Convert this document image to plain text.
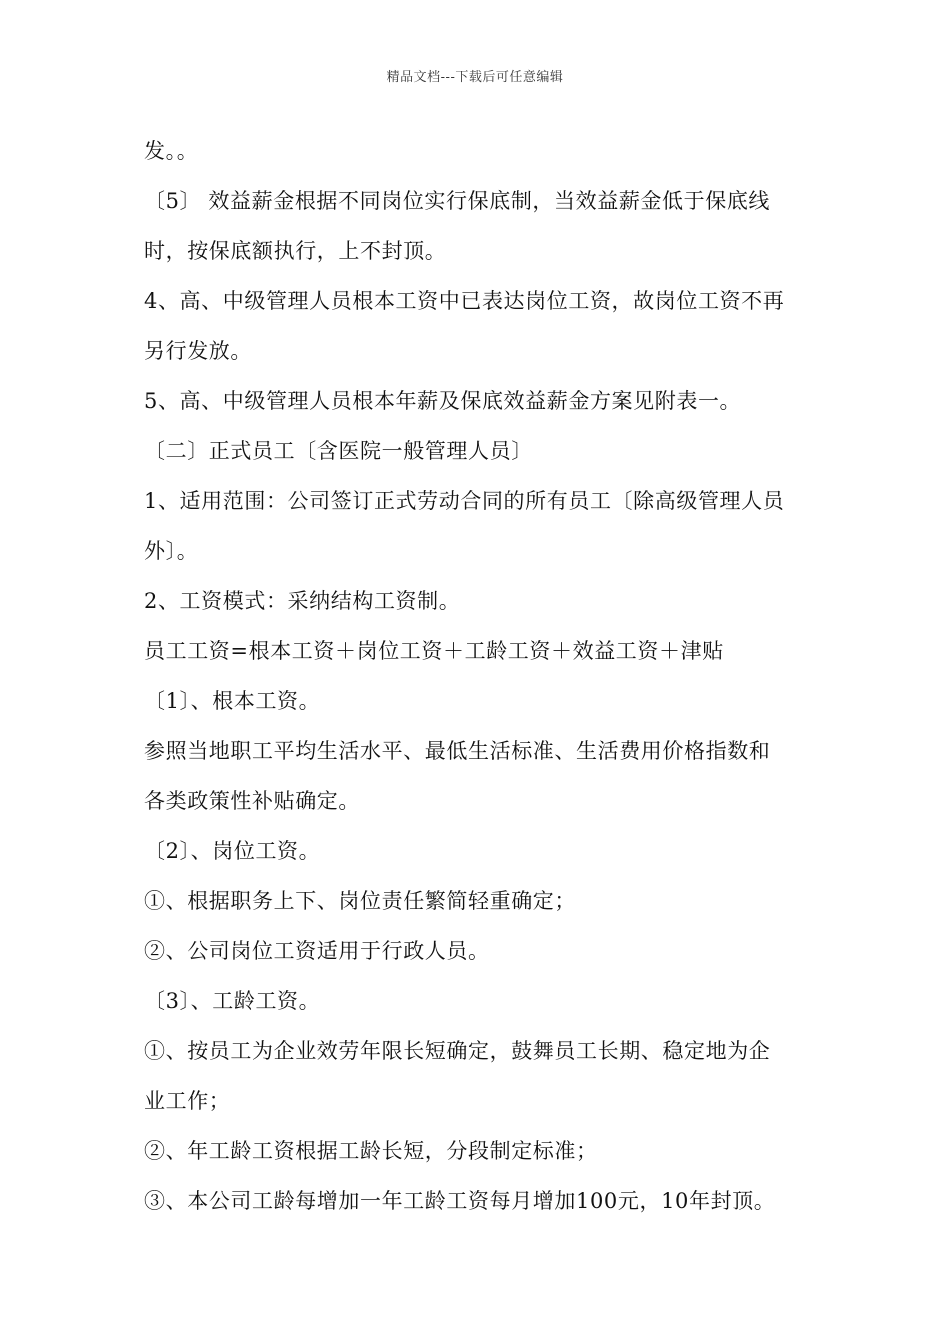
精品文档---下载后可任意编辑
发。。
〔5〕 效益薪金根据不同岗位实行保底制，当效益薪金低于保底线
时，按保底额执行，上不封顶。
4、高、中级管理人员根本工资中已表达岗位工资，故岗位工资不再
另行发放。
5、高、中级管理人员根本年薪及保底效益薪金方案见附表一。
〔二〕正式员工〔含医院一般管理人员〕
1、适用范围：公司签订正式劳动合同的所有员工〔除高级管理人员
外〕。
2、工资模式：采纳结构工资制。
员工工资=根本工资＋岗位工资＋工龄工资＋效益工资＋津贴
〔1〕、根本工资。
参照当地职工平均生活水平、最低生活标准、生活费用价格指数和
各类政策性补贴确定。
〔2〕、岗位工资。
①、根据职务上下、岗位责任繁简轻重确定；
②、公司岗位工资适用于行政人员。
〔3〕、工龄工资。
①、按员工为企业效劳年限长短确定，鼓舞员工长期、稳定地为企
业工作；
②、年工龄工资根据工龄长短，分段制定标准；
③、本公司工龄每增加一年工龄工资每月增加100元，10年封顶。
